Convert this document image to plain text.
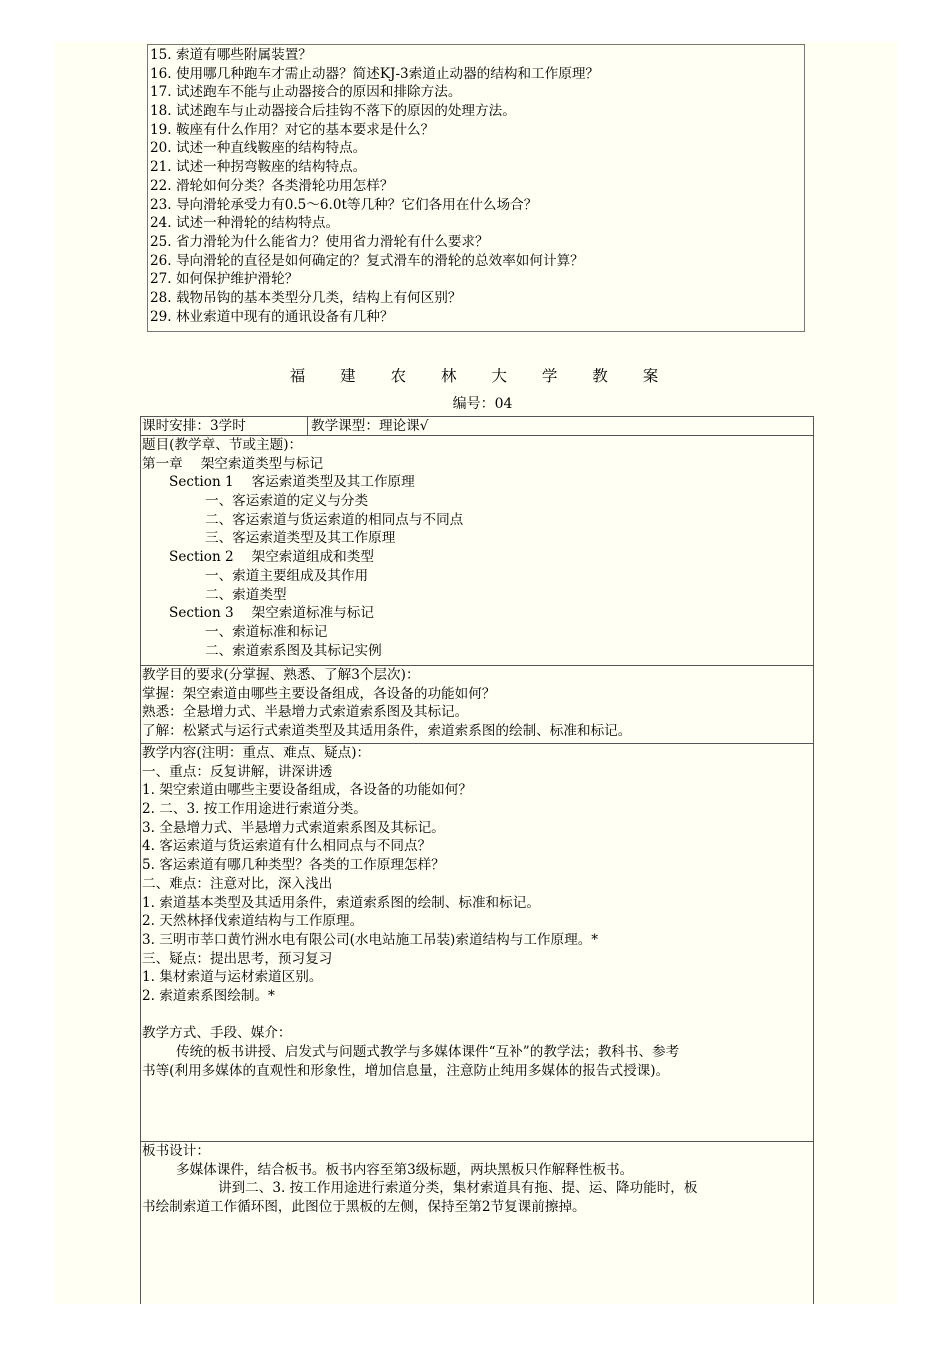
15. 索道有哪些附属装置？
16. 使用哪几种跑车才需止动器？简述KJ-3索道止动器的结构和工作原理？
17. 试述跑车不能与止动器接合的原因和排除方法。
18. 试述跑车与止动器接合后挂钩不落下的原因的处理方法。
19. 鞍座有什么作用？对它的基本要求是什么？
20. 试述一种直线鞍座的结构特点。
21. 试述一种拐弯鞍座的结构特点。
22. 滑轮如何分类？各类滑轮功用怎样？
23. 导向滑轮承受力有0.5～6.0t等几种？它们各用在什么场合？
24. 试述一种滑轮的结构特点。
25. 省力滑轮为什么能省力？使用省力滑轮有什么要求？
26. 导向滑轮的直径是如何确定的？复式滑车的滑轮的总效率如何计算？
27. 如何保护维护滑轮？
28. 载物吊钩的基本类型分几类，结构上有何区别？
29. 林业索道中现有的通讯设备有几种？
福 建 农 林 大 学 教 案
编号：04
课时安排：3学时	教学课型：理论课√
题目(教学章、节或主题)：
第一章　 架空索道类型与标记
Section 1　 客运索道类型及其工作原理
一、客运索道的定义与分类
二、客运索道与货运索道的相同点与不同点
三、客运索道类型及其工作原理
Section 2　 架空索道组成和类型
一、索道主要组成及其作用
二、索道类型
Section 3　 架空索道标准与标记
一、索道标准和标记
二、索道索系图及其标记实例
教学目的要求(分掌握、熟悉、了解3个层次)：
掌握：架空索道由哪些主要设备组成，各设备的功能如何？
熟悉：全悬增力式、半悬增力式索道索系图及其标记。
了解：松紧式与运行式索道类型及其适用条件，索道索系图的绘制、标准和标记。
教学内容(注明：重点、难点、疑点)：
一、重点：反复讲解，讲深讲透
1. 架空索道由哪些主要设备组成，各设备的功能如何？
2. 二、3. 按工作用途进行索道分类。
3. 全悬增力式、半悬增力式索道索系图及其标记。
4. 客运索道与货运索道有什么相同点与不同点？
5. 客运索道有哪几种类型？各类的工作原理怎样？
二、难点：注意对比，深入浅出
1. 索道基本类型及其适用条件，索道索系图的绘制、标准和标记。
2. 天然林择伐索道结构与工作原理。
3. 三明市莘口黄竹洲水电有限公司(水电站施工吊装)索道结构与工作原理。*
三、疑点：提出思考，预习复习
1. 集材索道与运材索道区别。
2. 索道索系图绘制。*
教学方式、手段、媒介：
传统的板书讲授、启发式与问题式教学与多媒体课件“互补”的教学法；教科书、参考
书等(利用多媒体的直观性和形象性，增加信息量，注意防止纯用多媒体的报告式授课)。
板书设计：
多媒体课件，结合板书。板书内容至第3级标题，两块黑板只作解释性板书。
讲到二、3. 按工作用途进行索道分类，集材索道具有拖、提、运、降功能时，板
书绘制索道工作循环图，此图位于黑板的左侧，保持至第2节复课前擦掉。
